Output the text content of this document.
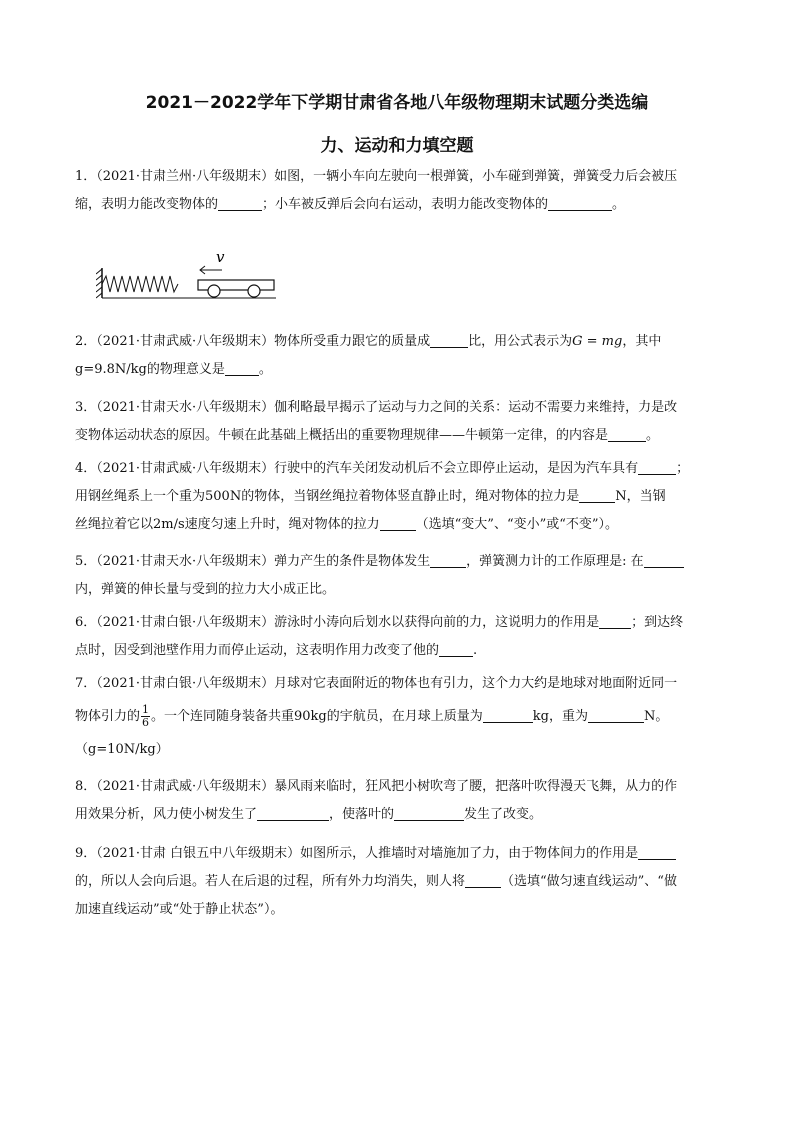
2021－2022学年下学期甘肃省各地八年级物理期末试题分类选编
力、运动和力填空题
1．（2021·甘肃兰州·八年级期末）如图，一辆小车向左驶向一根弹簧，小车碰到弹簧，弹簧受力后会被压
缩，表明力能改变物体的	；小车被反弹后会向右运动，表明力能改变物体的	。
v
2．（2021·甘肃武威·八年级期末）物体所受重力跟它的质量成	比，用公式表示为G = mg，其中
g=9.8N/kg的物理意义是	。
3．（2021·甘肃天水·八年级期末）伽利略最早揭示了运动与力之间的关系：运动不需要力来维持，力是改
变物体运动状态的原因。牛顿在此基础上概括出的重要物理规律——牛顿第一定律，的内容是	。
4．（2021·甘肃武威·八年级期末）行驶中的汽车关闭发动机后不会立即停止运动，是因为汽车具有	；
用钢丝绳系上一个重为500N的物体，当钢丝绳拉着物体竖直静止时，绳对物体的拉力是	N，当钢
丝绳拉着它以2m/s速度匀速上升时，绳对物体的拉力	（选填“变大”、“变小”或“不变”）。
5．（2021·甘肃天水·八年级期末）弹力产生的条件是物体发生	，弹簧测力计的工作原理是: 在
内，弹簧的伸长量与受到的拉力大小成正比。
6．（2021·甘肃白银·八年级期末）游泳时小涛向后划水以获得向前的力，这说明力的作用是 ；到达终
点时，因受到池壁作用力而停止运动，这表明作用力改变了他的	.
7．（2021·甘肃白银·八年级期末）月球对它表面附近的物体也有引力，这个力大约是地球对地面附近同一
物体引力的 $\frac{1}{6}$ 。一个连同随身装备共重90kg的宇航员，在月球上质量为	kg，重为	N。
（g=10N/kg）
8．（2021·甘肃武威·八年级期末）暴风雨来临时，狂风把小树吹弯了腰，把落叶吹得漫天飞舞，从力的作
用效果分析，风力使小树发生了	，使落叶的	发生了改变。
9．（2021·甘肃 白银五中八年级期末）如图所示，人推墙时对墙施加了力，由于物体间力的作用是
的，所以人会向后退。若人在后退的过程，所有外力均消失，则人将	（选填“做匀速直线运动”、“做
加速直线运动”或“处于静止状态”）。
